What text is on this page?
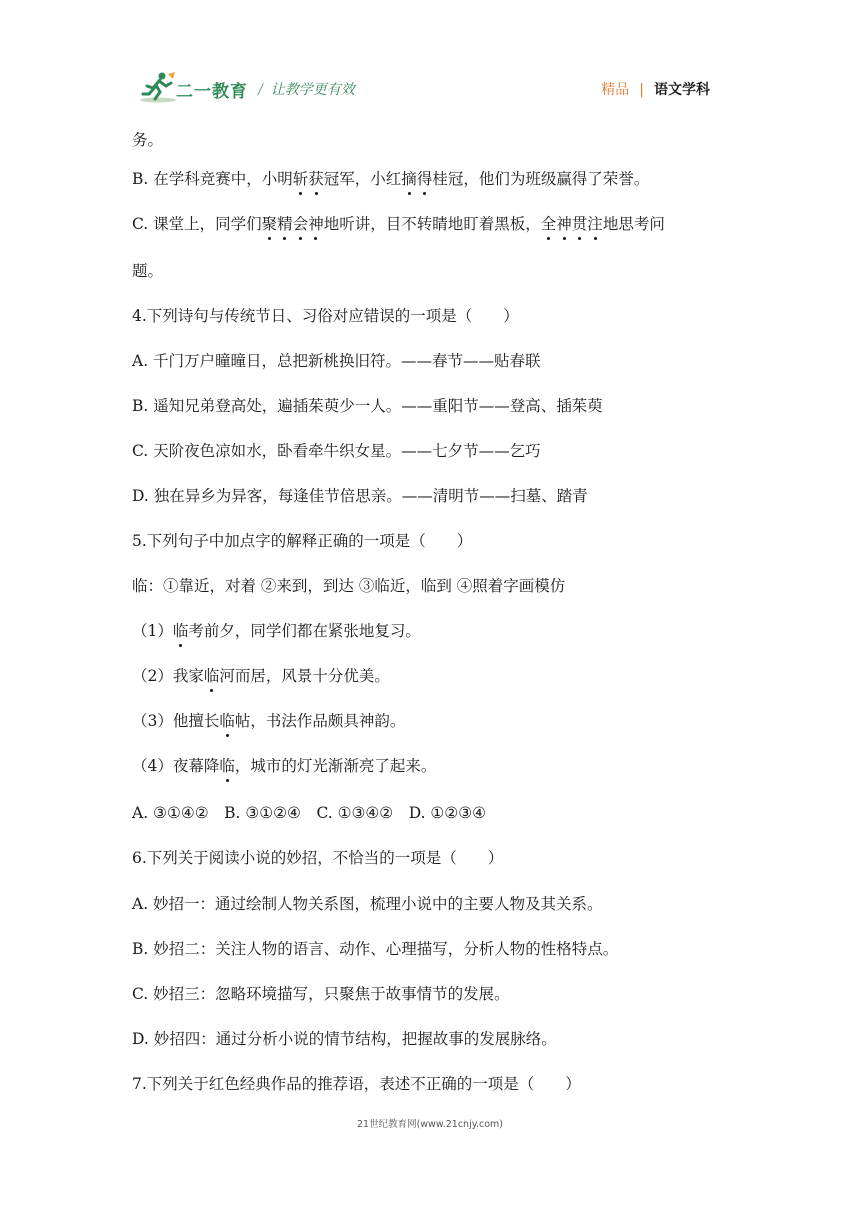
二一教育 / 让教学更有效	精品 | 语文学科
务。
B. 在学科竞赛中，小明斩获冠军，小红摘得桂冠，他们为班级赢得了荣誉。
C. 课堂上，同学们聚精会神地听讲，目不转睛地盯着黑板，全神贯注地思考问
题。
4.下列诗句与传统节日、习俗对应错误的一项是（　　）
A. 千门万户曈曈日，总把新桃换旧符。——春节——贴春联
B. 遥知兄弟登高处，遍插茱萸少一人。——重阳节——登高、插茱萸
C. 天阶夜色凉如水，卧看牵牛织女星。——七夕节——乞巧
D. 独在异乡为异客，每逢佳节倍思亲。——清明节——扫墓、踏青
5.下列句子中加点字的解释正确的一项是（　　）
临：①靠近，对着 ②来到，到达 ③临近，临到 ④照着字画模仿
（1）临考前夕，同学们都在紧张地复习。
（2）我家临河而居，风景十分优美。
（3）他擅长临帖，书法作品颇具神韵。
（4）夜幕降临，城市的灯光渐渐亮了起来。
A. ③①④②　B. ③①②④　C. ①③④②　D. ①②③④
6.下列关于阅读小说的妙招，不恰当的一项是（　　）
A. 妙招一：通过绘制人物关系图，梳理小说中的主要人物及其关系。
B. 妙招二：关注人物的语言、动作、心理描写，分析人物的性格特点。
C. 妙招三：忽略环境描写，只聚焦于故事情节的发展。
D. 妙招四：通过分析小说的情节结构，把握故事的发展脉络。
7.下列关于红色经典作品的推荐语，表述不正确的一项是（　　）
21世纪教育网(www.21cnjy.com)
